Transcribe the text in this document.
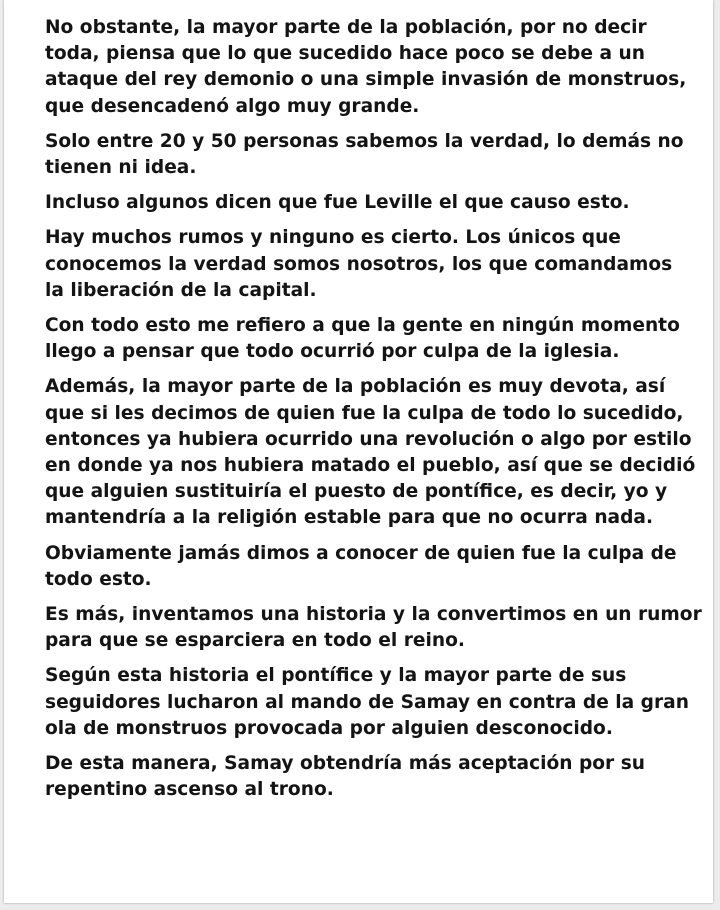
No obstante, la mayor parte de la población, por no decir
toda, piensa que lo que sucedido hace poco se debe a un
ataque del rey demonio o una simple invasión de monstruos,
que desencadenó algo muy grande.

Solo entre 20 y 50 personas sabemos la verdad, lo demás no
tienen ni idea.

Incluso algunos dicen que fue Leville el que causo esto.

Hay muchos rumos y ninguno es cierto. Los únicos que
conocemos la verdad somos nosotros, los que comandamos
la liberación de la capital.

Con todo esto me refiero a que la gente en ningún momento
llego a pensar que todo ocurrió por culpa de la iglesia.

Además, la mayor parte de la población es muy devota, así
que si les decimos de quien fue la culpa de todo lo sucedido,
entonces ya hubiera ocurrido una revolución o algo por estilo
en donde ya nos hubiera matado el pueblo, así que se decidió
que alguien sustituiría el puesto de pontífice, es decir, yo y
mantendría a la religión estable para que no ocurra nada.

Obviamente jamás dimos a conocer de quien fue la culpa de
todo esto.

Es más, inventamos una historia y la convertimos en un rumor
para que se esparciera en todo el reino.

Según esta historia el pontífice y la mayor parte de sus
seguidores lucharon al mando de Samay en contra de la gran
ola de monstruos provocada por alguien desconocido.

De esta manera, Samay obtendría más aceptación por su
repentino ascenso al trono.
